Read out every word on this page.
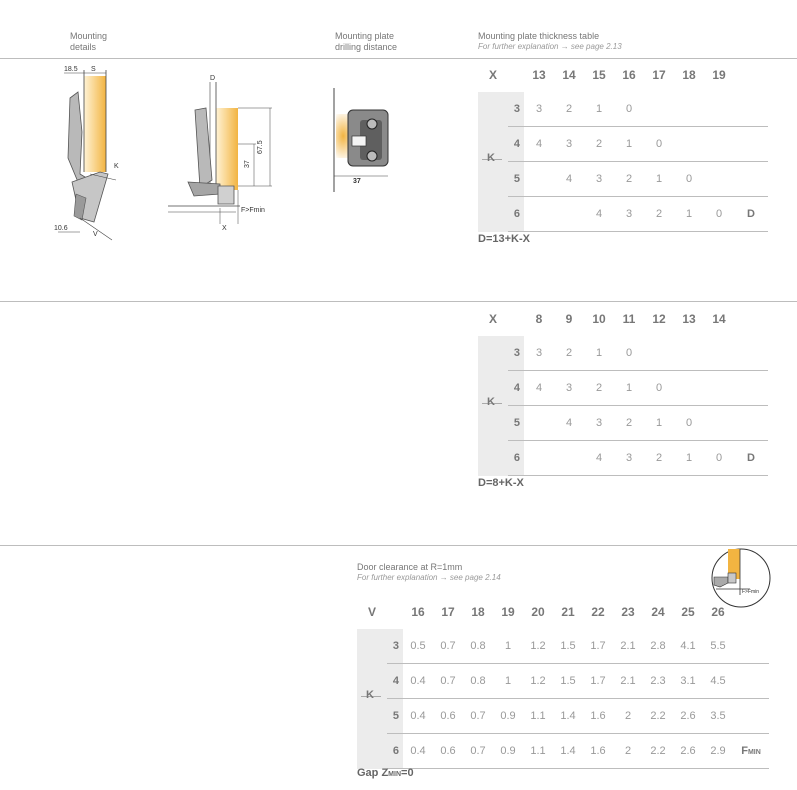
Mounting
details
Mounting plate
drilling distance
Mounting plate thickness table
For further explanation → see page 2.13
18.5 S
K
10.6
V
D
67.5
37
F>Fmin
X
37
X		13	14	15	16	17	18	19	

K	3	3	2	1	0				
	4	4	3	2	1	0			
	5		4	3	2	1	0		
	6			4	3	2	1	0	D
D=13+K-X
X		8	9	10	11	12	13	14	

K	3	3	2	1	0				
	4	4	3	2	1	0			
	5		4	3	2	1	0		
	6			4	3	2	1	0	D
D=8+K-X
Door clearance at R=1mm
For further explanation → see page 2.14
F>Fmin
V		16	17	18	19	20	21	22	23	24	25	26	

K	3	0.5	0.7	0.8	1	1.2	1.5	1.7	2.1	2.8	4.1	5.5	
	4	0.4	0.7	0.8	1	1.2	1.5	1.7	2.1	2.3	3.1	4.5	
	5	0.4	0.6	0.7	0.9	1.1	1.4	1.6	2	2.2	2.6	3.5	
	6	0.4	0.6	0.7	0.9	1.1	1.4	1.6	2	2.2	2.6	2.9	FMIN
Gap ZMIN=0
